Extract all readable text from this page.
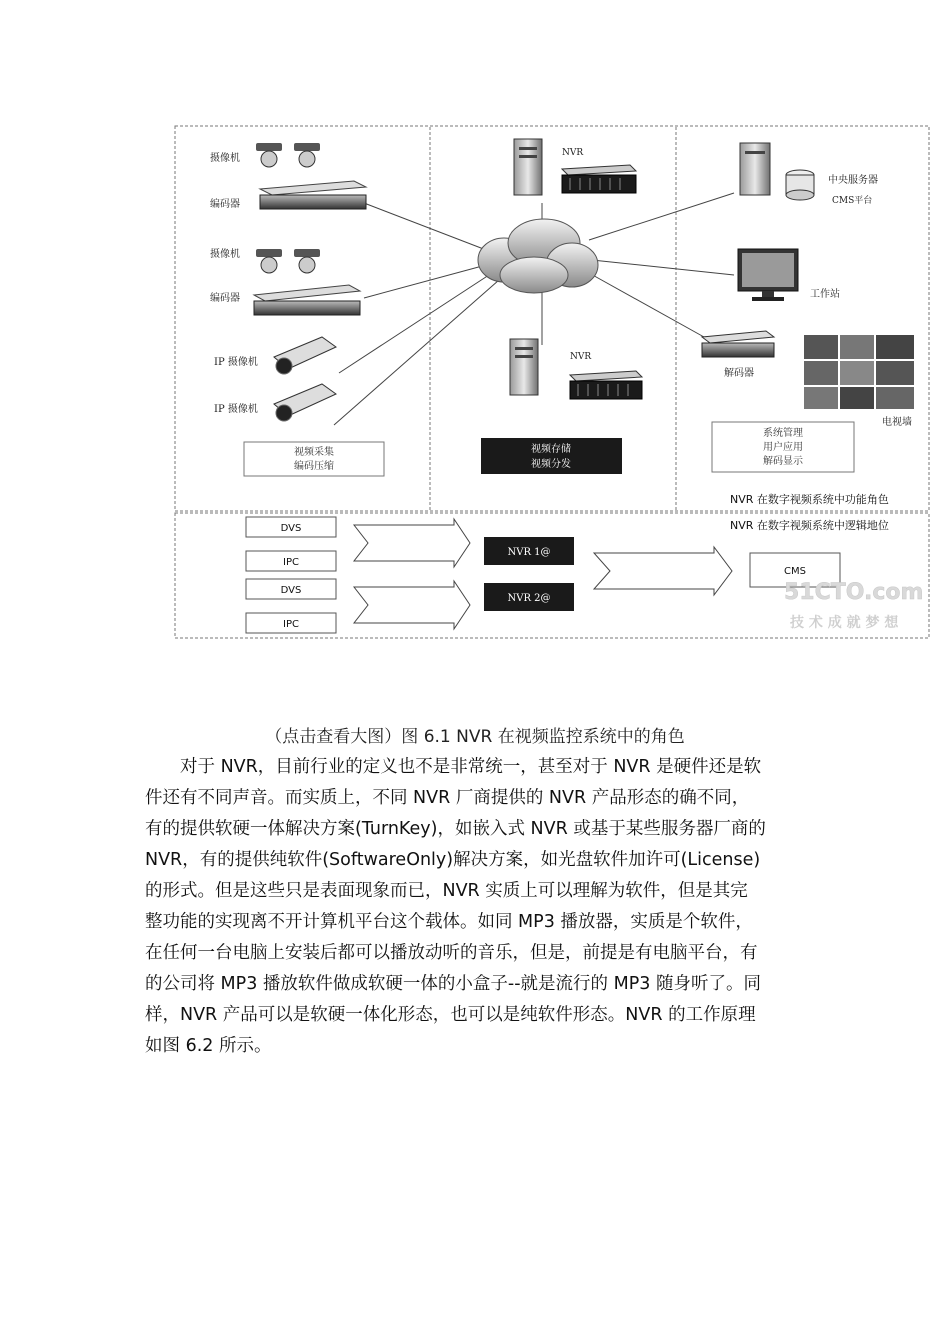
摄像机
编码器
摄像机
编码器
IP 摄像机
IP 摄像机
视频采集
编码压缩
NVR
NVR
视频存储
视频分发
中央服务器
CMS平台
工作站
解码器
电视墙
系统管理
用户应用
解码显示
NVR 在数字视频系统中功能角色
NVR 在数字视频系统中逻辑地位
DVS
IPC
DVS
IPC
NVR 1@
NVR 2@
CMS
51CTO.com
技 术 成 就 梦 想
（点击查看大图）图 6.1 NVR 在视频监控系统中的角色
对于 NVR，目前行业的定义也不是非常统一，甚至对于 NVR 是硬件还是软
件还有不同声音。而实质上，不同 NVR 厂商提供的 NVR 产品形态的确不同，
有的提供软硬一体解决方案(TurnKey)，如嵌入式 NVR 或基于某些服务器厂商的
NVR，有的提供纯软件(SoftwareOnly)解决方案，如光盘软件加许可(License)
的形式。但是这些只是表面现象而已，NVR 实质上可以理解为软件，但是其完
整功能的实现离不开计算机平台这个载体。如同 MP3 播放器，实质是个软件，
在任何一台电脑上安装后都可以播放动听的音乐，但是，前提是有电脑平台，有
的公司将 MP3 播放软件做成软硬一体的小盒子--就是流行的 MP3 随身听了。同
样，NVR 产品可以是软硬一体化形态，也可以是纯软件形态。NVR 的工作原理
如图 6.2 所示。
